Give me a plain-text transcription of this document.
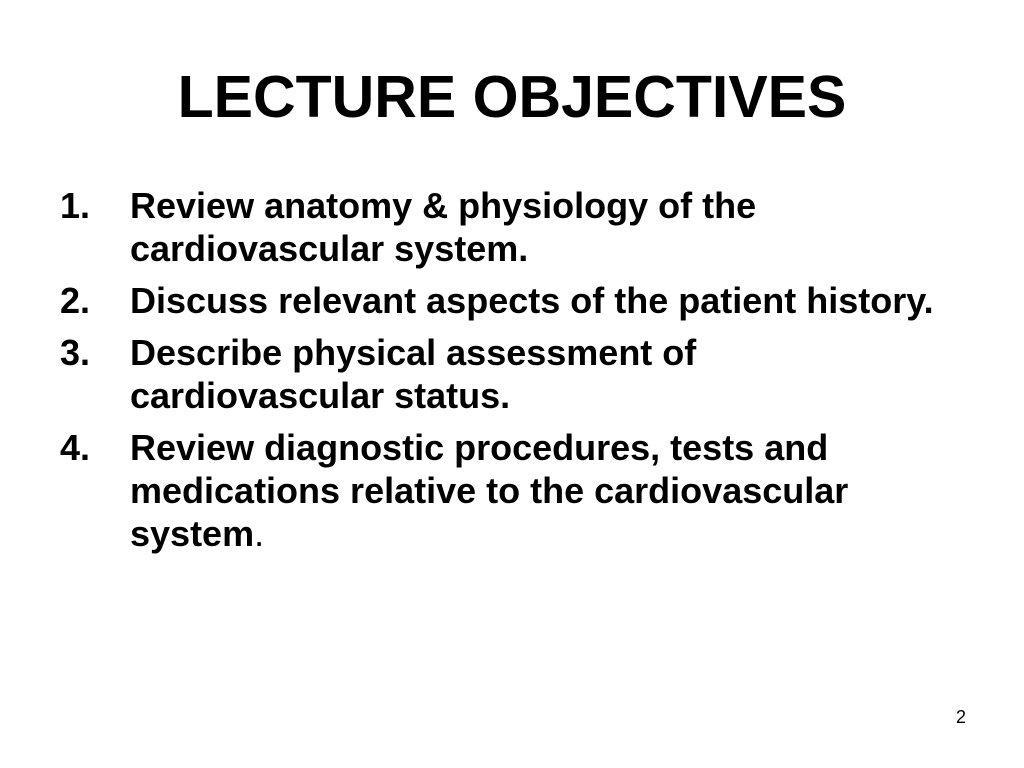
LECTURE OBJECTIVES
1.	Review anatomy & physiology of the cardiovascular system.
2.	Discuss relevant aspects of the patient history.
3.	Describe physical assessment of cardiovascular status.
4.	Review diagnostic procedures, tests and medications relative to the cardiovascular system.
2
